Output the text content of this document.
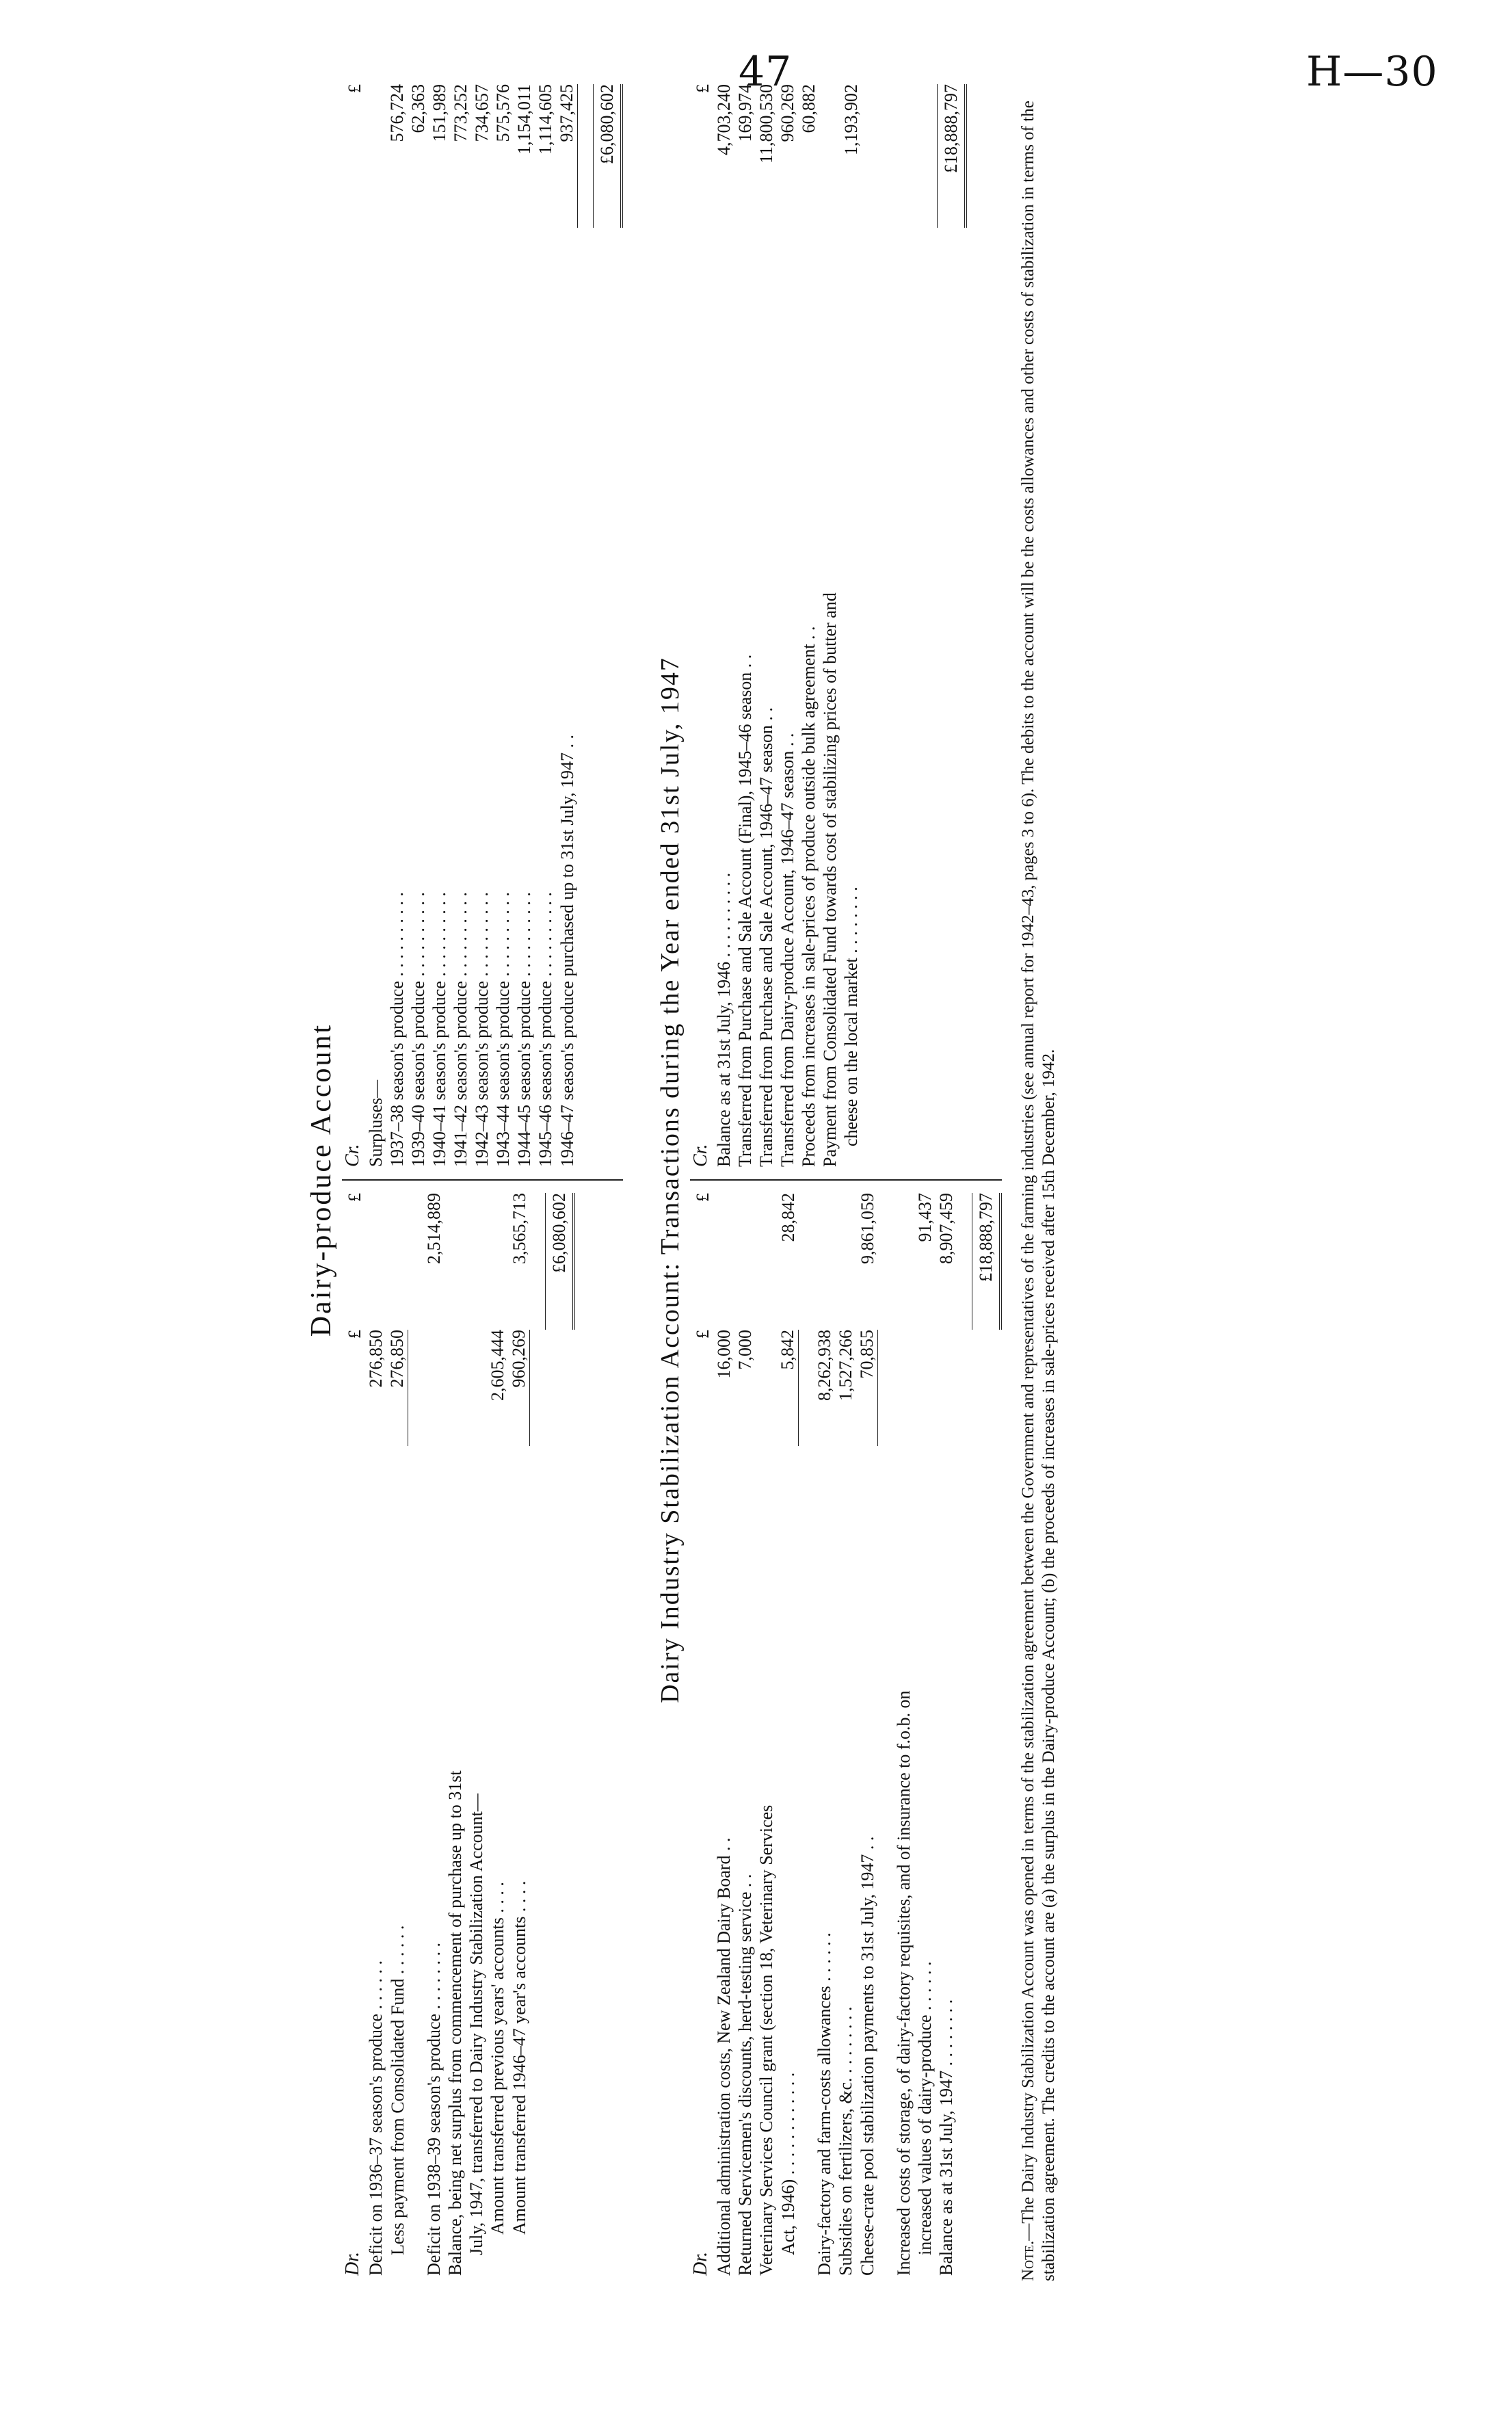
47	H—30
Dairy-produce Account
Dr.
£
£
Deficit on 1936–37 season's produce . . . . . .
276,850
Less payment from Consolidated Fund . . . . . .
276,850
Deficit on 1938–39 season's produce . . . . . . . .
2,514,889
Balance, being net surplus from commencement of purchase up to 31st July, 1947, transferred to Dairy Industry Stabilization Account— Amount transferred previous years' accounts . . . .
2,605,444
Amount transferred 1946–47 year's accounts . . . .
960,269
3,565,713 £6,080,602
Cr.
£
Surpluses— 1937–38 season's produce . . . . . . . . . .
576,724
1939–40 season's produce . . . . . . . . . .
62,363
1940–41 season's produce . . . . . . . . . .
151,989
1941–42 season's produce . . . . . . . . . .
773,252
1942–43 season's produce . . . . . . . . . .
734,657
1943–44 season's produce . . . . . . . . . .
575,576
1944–45 season's produce . . . . . . . . . .
1,154,011
1945–46 season's produce . . . . . . . . . .
1,114,605
1946–47 season's produce purchased up to 31st July, 1947 . .
937,425 £6,080,602
Dairy Industry Stabilization Account: Transactions during the Year ended 31st July, 1947
Dr.
£
£
Additional administration costs, New Zealand Dairy Board . .
16,000
Returned Servicemen's discounts, herd-testing service . .
7,000
Veterinary Services Council grant (section 18, Veterinary Services Act, 1946) . . . . . . . . . . . .
5,842
28,842
Dairy-factory and farm-costs allowances . . . . . .
8,262,938
Subsidies on fertilizers, &c. . . . . . . . .
1,527,266
Cheese-crate pool stabilization payments to 31st July, 1947 . .
70,855
9,861,059
Increased costs of storage, of dairy-factory requisites, and of insurance to f.o.b. on increased values of dairy-produce . . . . . .
91,437
Balance as at 31st July, 1947 . . . . . . . .
8,907,459 £18,888,797
Cr.
£
Balance as at 31st July, 1946 . . . . . . . . . .
4,703,240
Transferred from Purchase and Sale Account (Final), 1945–46 season . .
169,974
Transferred from Purchase and Sale Account, 1946–47 season . .
11,800,530
Transferred from Dairy-produce Account, 1946–47 season . .
960,269
Proceeds from increases in sale-prices of produce outside bulk agreement . .
60,882
Payment from Consolidated Fund towards cost of stabilizing prices of butter and cheese on the local market . . . . . . . .
1,193,902	£18,888,797
Note.—The Dairy Industry Stabilization Account was opened in terms of the stabilization agreement between the Government and representatives of the farming industries (see annual report for 1942–43, pages 3 to 6). The debits to the account will be the costs allowances and other costs of stabilization in terms of the stabilization agreement. The credits to the account are (a) the surplus in the Dairy-produce Account; (b) the proceeds of increases in sale-prices received after 15th December, 1942.
